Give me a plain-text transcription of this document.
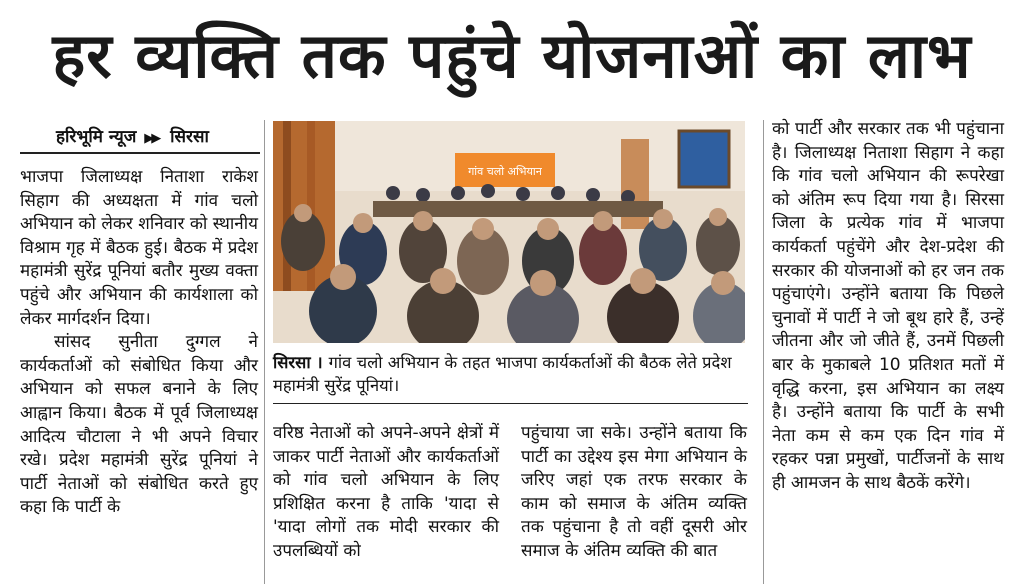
हर व्यक्ति तक पहुंचे योजनाओं का लाभ
हरिभूमि न्यूज ▶▶ सिरसा

भाजपा जिलाध्यक्ष निताशा राकेश सिहाग की अध्यक्षता में गांव चलो अभियान को लेकर शनिवार को स्थानीय विश्राम गृह में बैठक हुई। बैठक में प्रदेश महामंत्री सुरेंद्र पूनियां बतौर मुख्य वक्ता पहुंचे और अभियान की कार्यशाला को लेकर मार्गदर्शन दिया।

सांसद सुनीता दुग्गल ने कार्यकर्ताओं को संबोधित किया और अभियान को सफल बनाने के लिए आह्वान किया। बैठक में पूर्व जिलाध्यक्ष आदित्य चौटाला ने भी अपने विचार रखे। प्रदेश महामंत्री सुरेंद्र पूनियां ने पार्टी नेताओं को संबोधित करते हुए कहा कि पार्टी के

गांव चलो अभियान
सिरसा । गांव चलो अभियान के तहत भाजपा कार्यकर्ताओं की बैठक लेते प्रदेश महामंत्री सुरेंद्र पूनियां।

वरिष्ठ नेताओं को अपने-अपने क्षेत्रों में जाकर पार्टी नेताओं और कार्यकर्ताओं को गांव चलो अभियान के लिए प्रशिक्षित करना है ताकि 'यादा से 'यादा लोगों तक मोदी सरकार की उपलब्धियों को

पहुंचाया जा सके। उन्होंने बताया कि पार्टी का उद्देश्य इस मेगा अभियान के जरिए जहां एक तरफ सरकार के काम को समाज के अंतिम व्यक्ति तक पहुंचाना है तो वहीं दूसरी ओर समाज के अंतिम व्यक्ति की बात

को पार्टी और सरकार तक भी पहुंचाना है। जिलाध्यक्ष निताशा सिहाग ने कहा कि गांव चलो अभियान की रूपरेखा को अंतिम रूप दिया गया है। सिरसा जिला के प्रत्येक गांव में भाजपा कार्यकर्ता पहुंचेंगे और देश-प्रदेश की सरकार की योजनाओं को हर जन तक पहुंचाएंगे। उन्होंने बताया कि पिछले चुनावों में पार्टी ने जो बूथ हारे हैं, उन्हें जीतना और जो जीते हैं, उनमें पिछली बार के मुकाबले 10 प्रतिशत मतों में वृद्धि करना, इस अभियान का लक्ष्य है। उन्होंने बताया कि पार्टी के सभी नेता कम से कम एक दिन गांव में रहकर पन्ना प्रमुखों, पार्टीजनों के साथ ही आमजन के साथ बैठकें करेंगे।
